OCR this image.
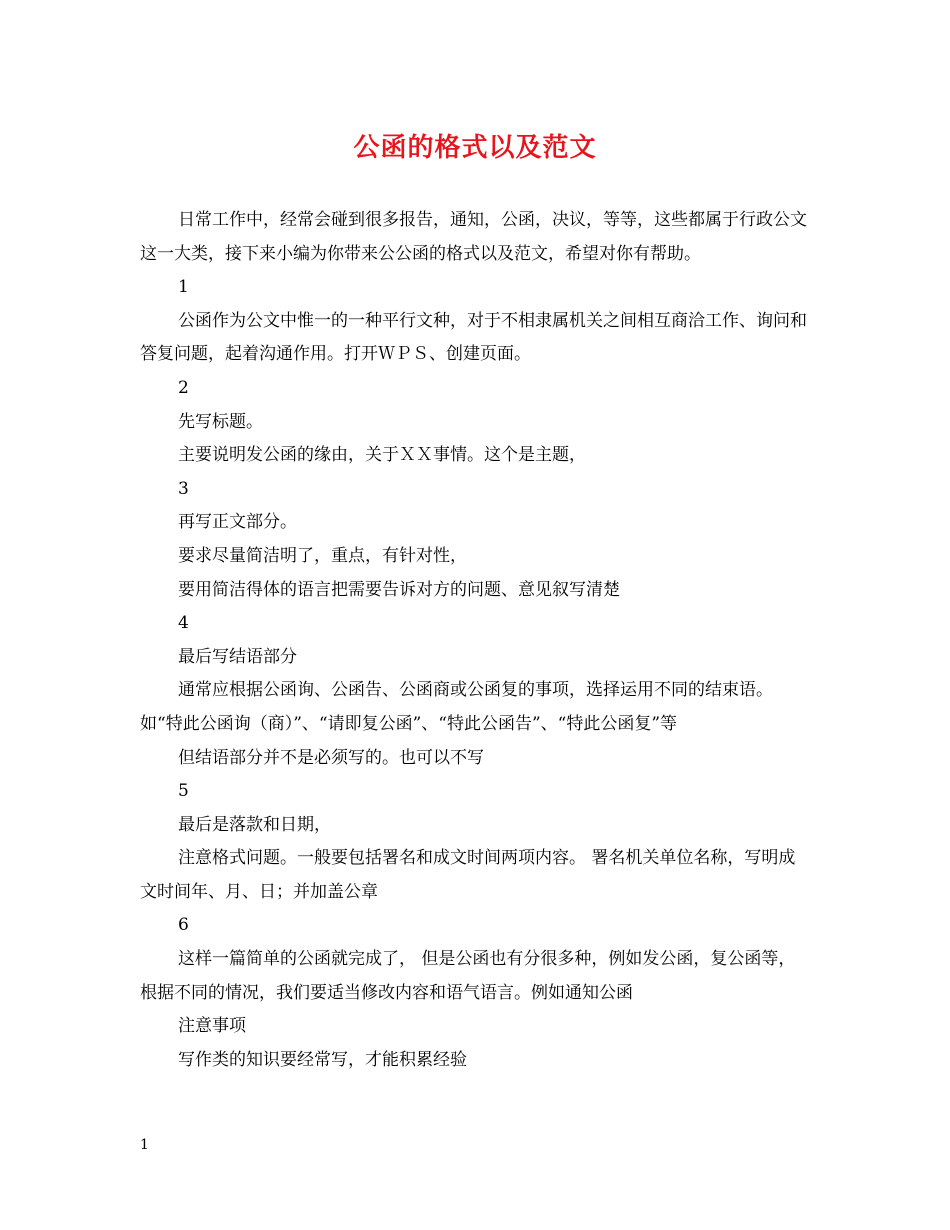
公函的格式以及范文

日常工作中，经常会碰到很多报告，通知，公函，决议，等等，这些都属于行政公文这一大类，接下来小编为你带来公公函的格式以及范文，希望对你有帮助。

1

公函作为公文中惟一的一种平行文种，对于不相隶属机关之间相互商洽工作、询问和答复问题，起着沟通作用。打开ＷＰＳ、创建页面。

2

先写标题。

主要说明发公函的缘由，关于ＸＸ事情。这个是主题，

3

再写正文部分。

要求尽量简洁明了，重点，有针对性，

要用简洁得体的语言把需要告诉对方的问题、意见叙写清楚

4

最后写结语部分

通常应根据公函询、公函告、公函商或公函复的事项，选择运用不同的结束语。如“特此公函询（商）”、“请即复公函”、“特此公函告”、“特此公函复”等

但结语部分并不是必须写的。也可以不写

5

最后是落款和日期，

注意格式问题。一般要包括署名和成文时间两项内容。 署名机关单位名称，写明成文时间年、月、日；并加盖公章

6

这样一篇简单的公函就完成了， 但是公函也有分很多种，例如发公函，复公函等，根据不同的情况，我们要适当修改内容和语气语言。例如通知公函

注意事项

写作类的知识要经常写，才能积累经验

1
